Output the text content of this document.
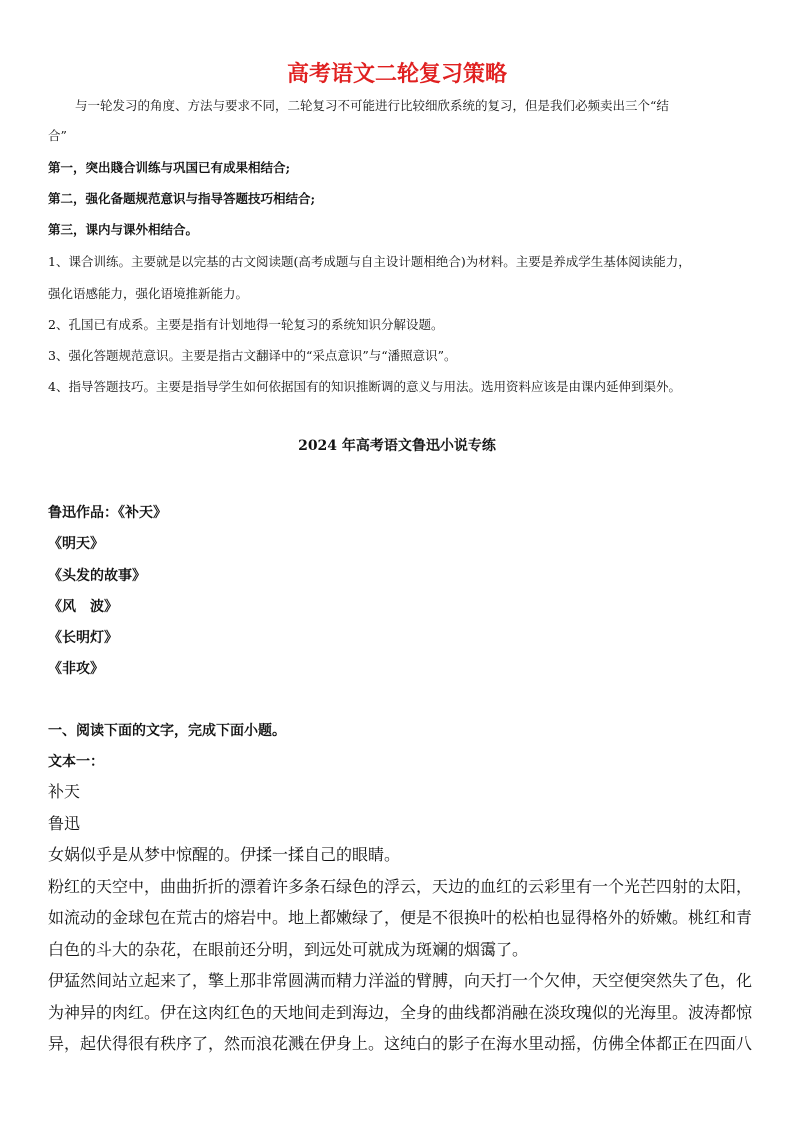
高考语文二轮复习策略
与一轮发习的角度、方法与要求不同，二轮复习不可能进行比较细欣系统的复习，但是我们必频卖出三个“结
合”
第一，突出賤合训练与巩国已有成果相结合;
第二，强化备题规范意识与指导答题技巧相结合;
第三，课内与课外相结合。
1、课合训练。主要就是以完基的古文阅读题(高考成题与自主设计题相绝合)为材料。主要是养成学生基体阅读能力，
强化语感能力，强化语境推新能力。
2、孔国已有成系。主要是指有计划地得一轮复习的系统知识分解设题。
3、强化答题规范意识。主要是指古文翻译中的“采点意识”与“潘照意识”。
4、指导答题技巧。主要是指导学生如何依据国有的知识推断调的意义与用法。选用资料应该是由课内延伸到渠外。
2024 年高考语文鲁迅小说专练
鲁迅作品：《补天》
《明天》
《头发的故事》
《风　波》
《长明灯》
《非攻》
一、阅读下面的文字，完成下面小题。
文本一：
补天
鲁迅
女娲似乎是从梦中惊醒的。伊揉一揉自己的眼睛。
粉红的天空中，曲曲折折的漂着许多条石绿色的浮云，天边的血红的云彩里有一个光芒四射的太阳，
如流动的金球包在荒古的熔岩中。地上都嫩绿了，便是不很换叶的松柏也显得格外的娇嫩。桃红和青
白色的斗大的杂花，在眼前还分明，到远处可就成为斑斓的烟霭了。
伊猛然间站立起来了，擎上那非常圆满而精力洋溢的臂膊，向天打一个欠伸，天空便突然失了色，化
为神异的肉红。伊在这肉红色的天地间走到海边，全身的曲线都消融在淡玫瑰似的光海里。波涛都惊
异，起伏得很有秩序了，然而浪花溅在伊身上。这纯白的影子在海水里动摇，仿佛全体都正在四面八
